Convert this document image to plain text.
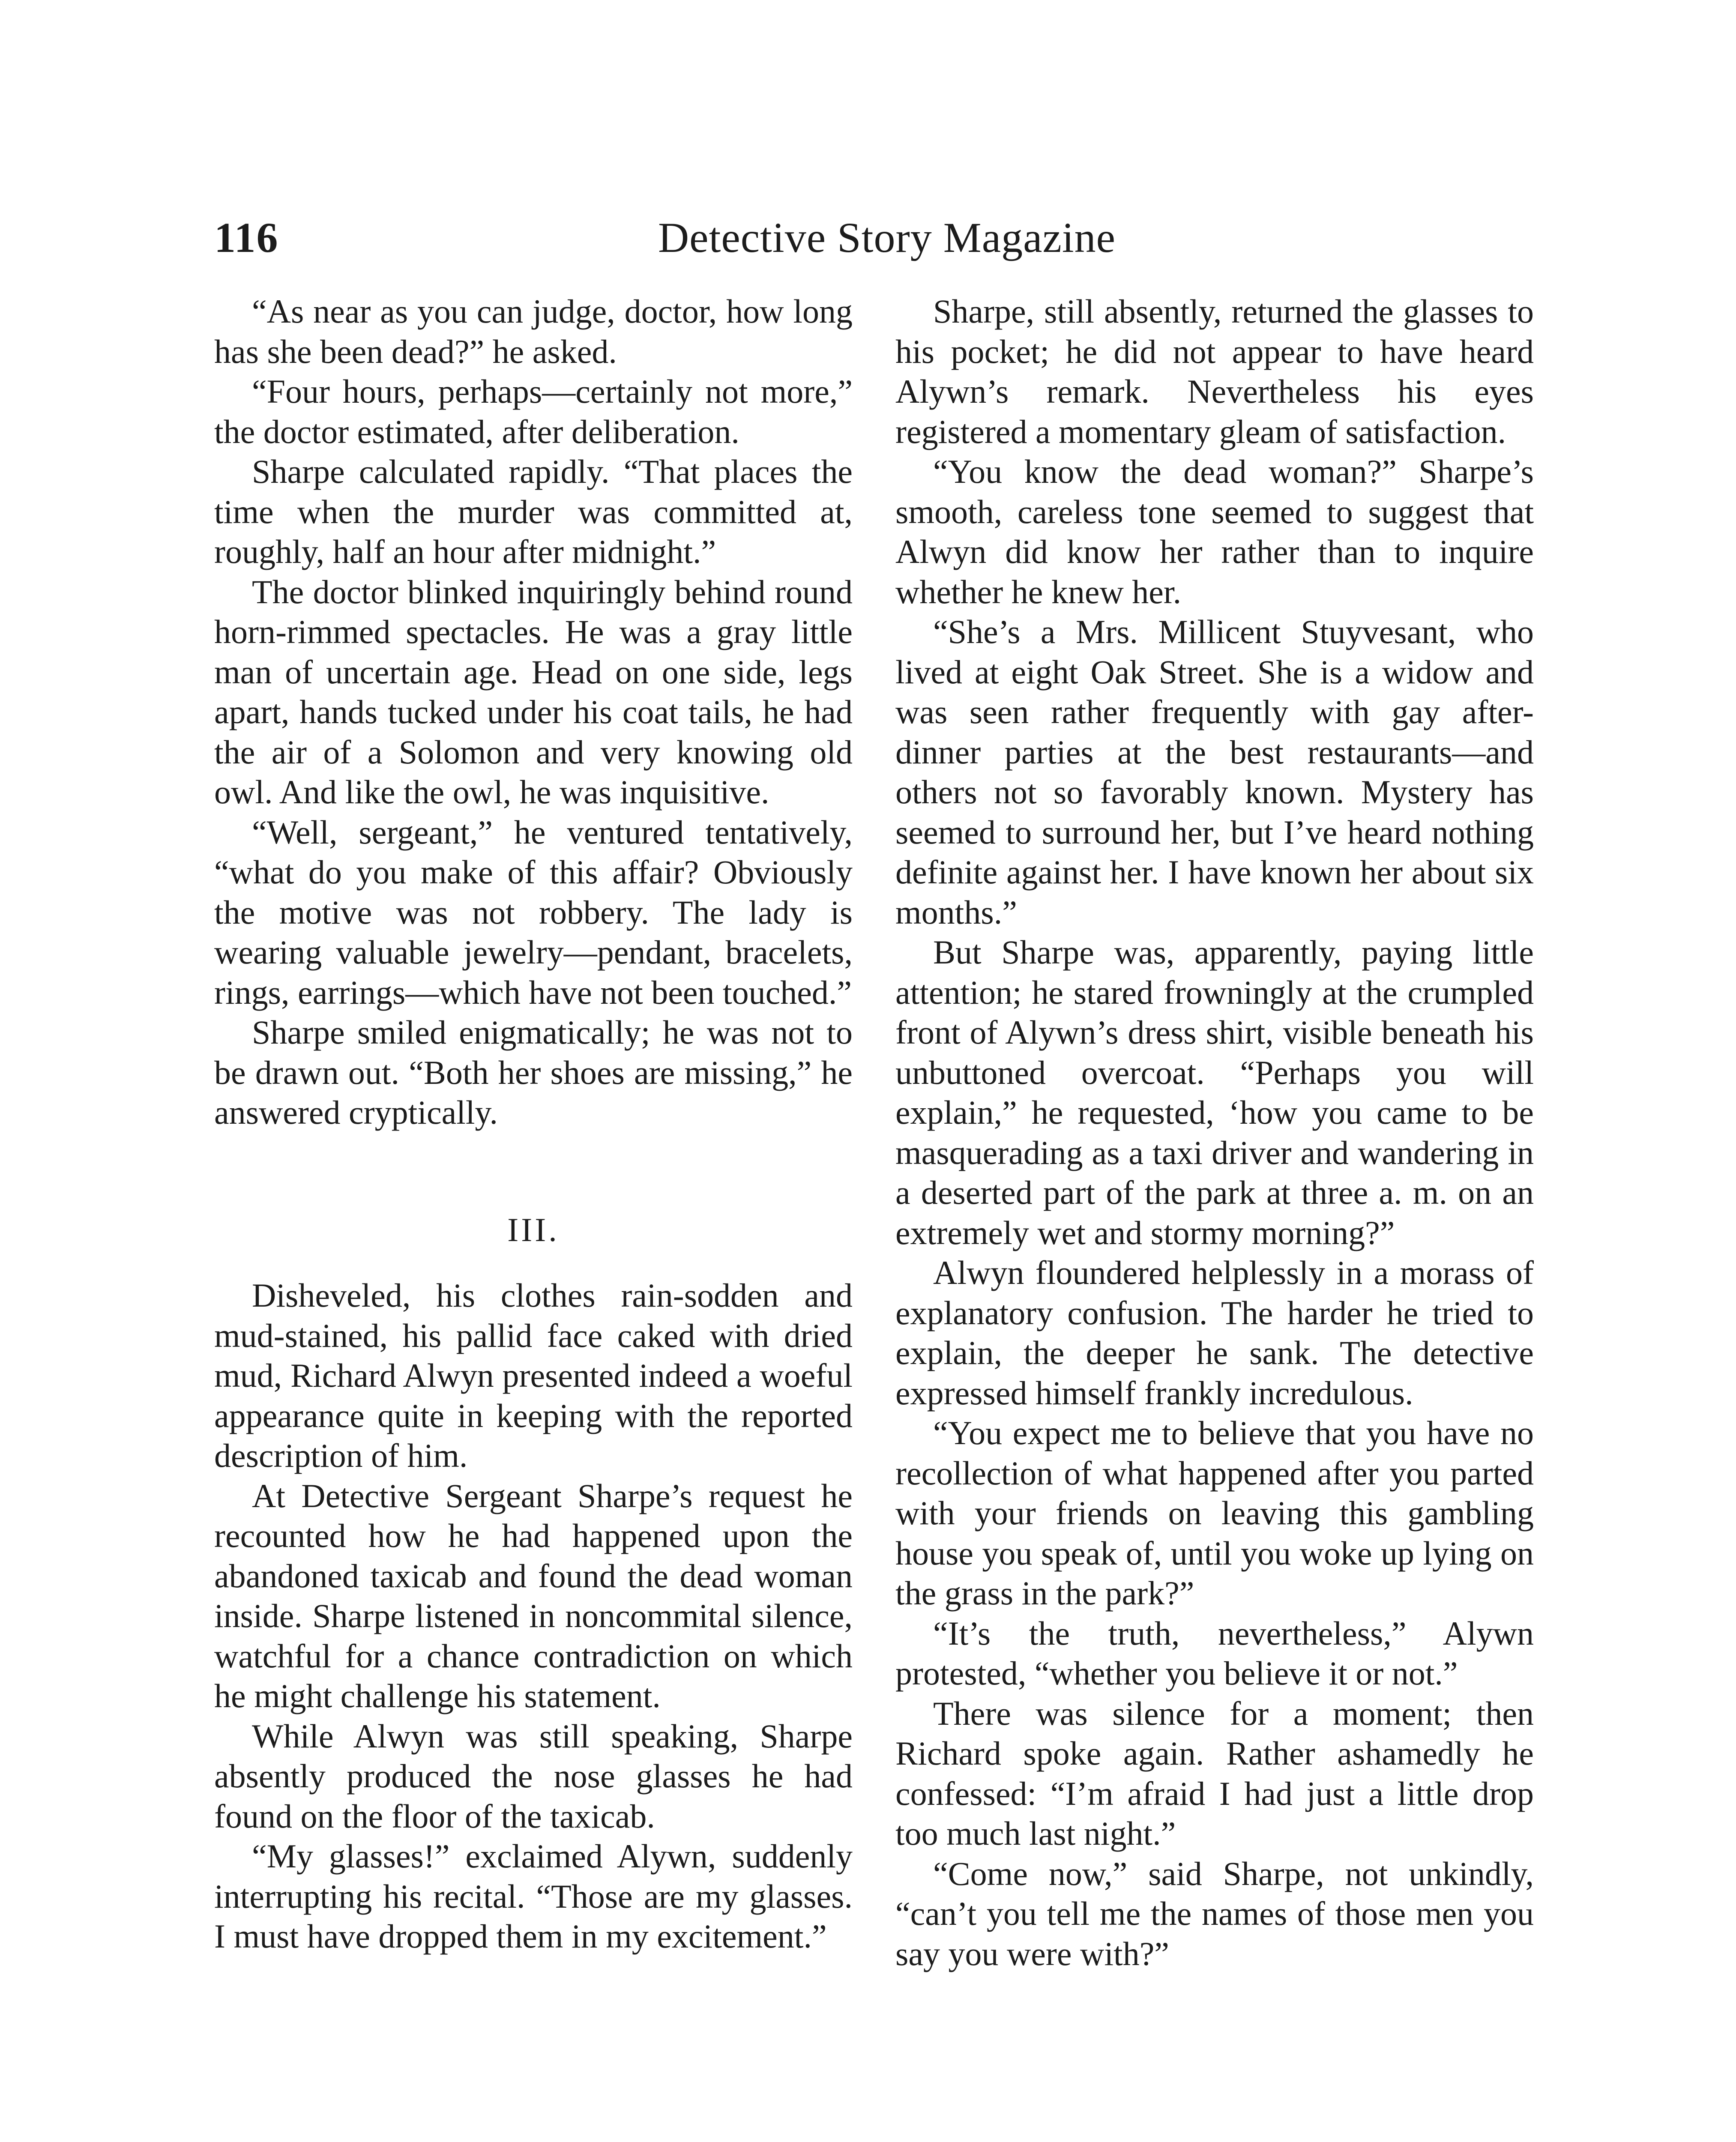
116	Detective Story Magazine

“As near as you can judge, doctor, how long has she been dead?” he asked.

“Four hours, perhaps—certainly not more,” the doctor estimated, after deliberation.

Sharpe calculated rapidly. “That places the time when the murder was committed at, roughly, half an hour after midnight.”

The doctor blinked inquiringly behind round horn-rimmed spectacles. He was a gray little man of uncertain age. Head on one side, legs apart, hands tucked under his coat tails, he had the air of a Solomon and very knowing old owl. And like the owl, he was inquisitive.

“Well, sergeant,” he ventured tentatively, “what do you make of this affair? Obviously the motive was not robbery. The lady is wearing valuable jewelry—pendant, bracelets, rings, earrings—which have not been touched.”

Sharpe smiled enigmatically; he was not to be drawn out. “Both her shoes are missing,” he answered cryptically.

III.

Disheveled, his clothes rain-sodden and mud-stained, his pallid face caked with dried mud, Richard Alwyn presented indeed a woeful appearance quite in keeping with the reported description of him.

At Detective Sergeant Sharpe’s request he recounted how he had happened upon the abandoned taxicab and found the dead woman inside. Sharpe listened in noncommital silence, watchful for a chance contradiction on which he might challenge his statement.

While Alwyn was still speaking, Sharpe absently produced the nose glasses he had found on the floor of the taxicab.

“My glasses!” exclaimed Alywn, suddenly interrupting his recital. “Those are my glasses. I must have dropped them in my excitement.”

Sharpe, still absently, returned the glasses to his pocket; he did not appear to have heard Alywn’s remark. Nevertheless his eyes registered a momentary gleam of satisfaction.

“You know the dead woman?” Sharpe’s smooth, careless tone seemed to suggest that Alwyn did know her rather than to inquire whether he knew her.

“She’s a Mrs. Millicent Stuyvesant, who lived at eight Oak Street. She is a widow and was seen rather frequently with gay after-dinner parties at the best restaurants—and others not so favorably known. Mystery has seemed to surround her, but I’ve heard nothing definite against her. I have known her about six months.”

But Sharpe was, apparently, paying little attention; he stared frowningly at the crumpled front of Alywn’s dress shirt, visible beneath his unbuttoned overcoat. “Perhaps you will explain,” he requested, ‘how you came to be masquerading as a taxi driver and wandering in a deserted part of the park at three a. m. on an extremely wet and stormy morning?”

Alwyn floundered helplessly in a morass of explanatory confusion. The harder he tried to explain, the deeper he sank. The detective expressed himself frankly incredulous.

“You expect me to believe that you have no recollection of what happened after you parted with your friends on leaving this gambling house you speak of, until you woke up lying on the grass in the park?”

“It’s the truth, nevertheless,” Alywn protested, “whether you believe it or not.”

There was silence for a moment; then Richard spoke again. Rather ashamedly he confessed: “I’m afraid I had just a little drop too much last night.”

“Come now,” said Sharpe, not unkindly, “can’t you tell me the names of those men you say you were with?”
